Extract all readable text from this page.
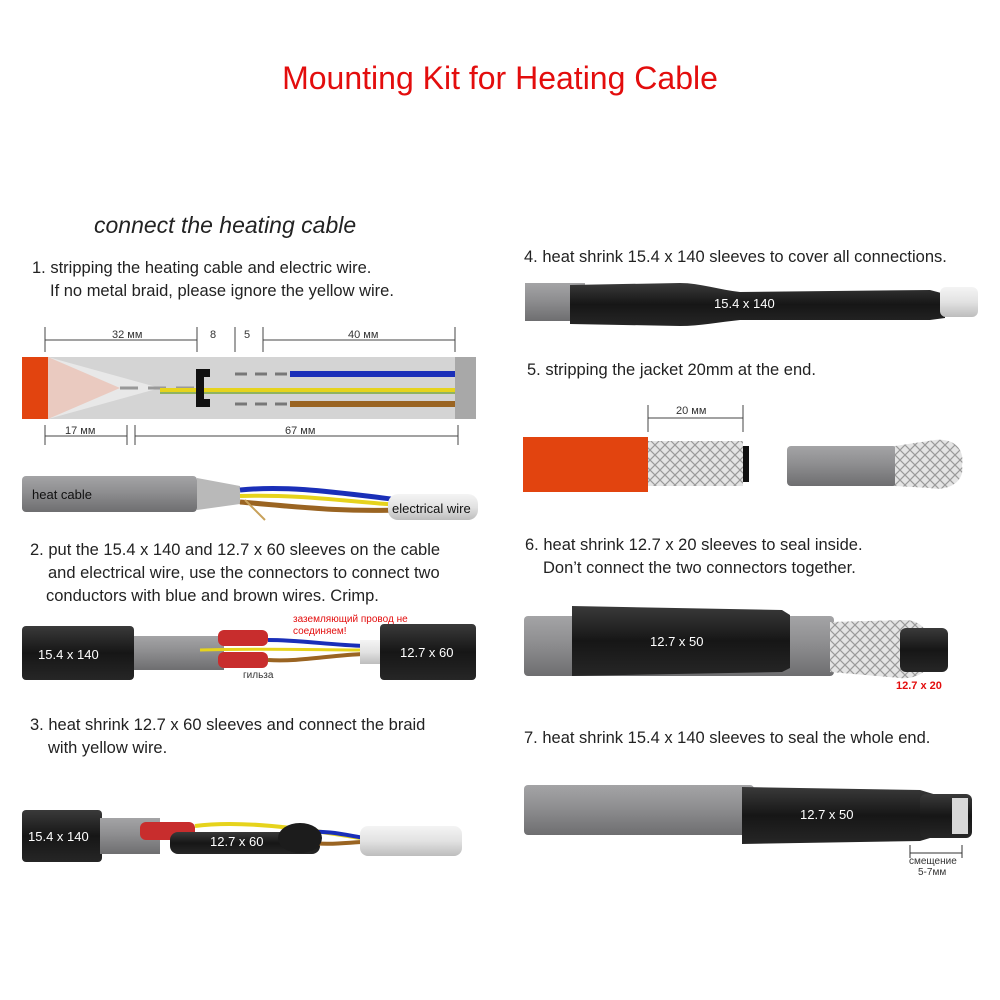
Mounting Kit for Heating Cable
connect the heating cable
1. stripping the heating cable and electric wire.
If no metal braid, please ignore the yellow wire.
2. put the 15.4 x 140 and 12.7 x 60 sleeves on the cable
and electrical wire, use the connectors to connect two
conductors with blue and brown wires. Crimp.
3. heat shrink 12.7 x 60 sleeves and connect the braid
with yellow wire.
4. heat shrink 15.4 x 140 sleeves to cover all connections.
5. stripping the jacket 20mm at the end.
6. heat shrink 12.7 x 20 sleeves to seal inside.
Don’t connect the two connectors together.
7. heat shrink 15.4 x 140 sleeves to seal the whole end.
32 мм	8	5	40 мм
17 мм	67 мм
heat cable
electrical wire
15.4 x 140	12.7 x 60
заземляющий провод не
соединяем!
гильза
15.4 x 140	12.7 x 60
15.4 x 140
20 мм
12.7 x 50
12.7 x 20
12.7 x 50
смещение
5-7мм
